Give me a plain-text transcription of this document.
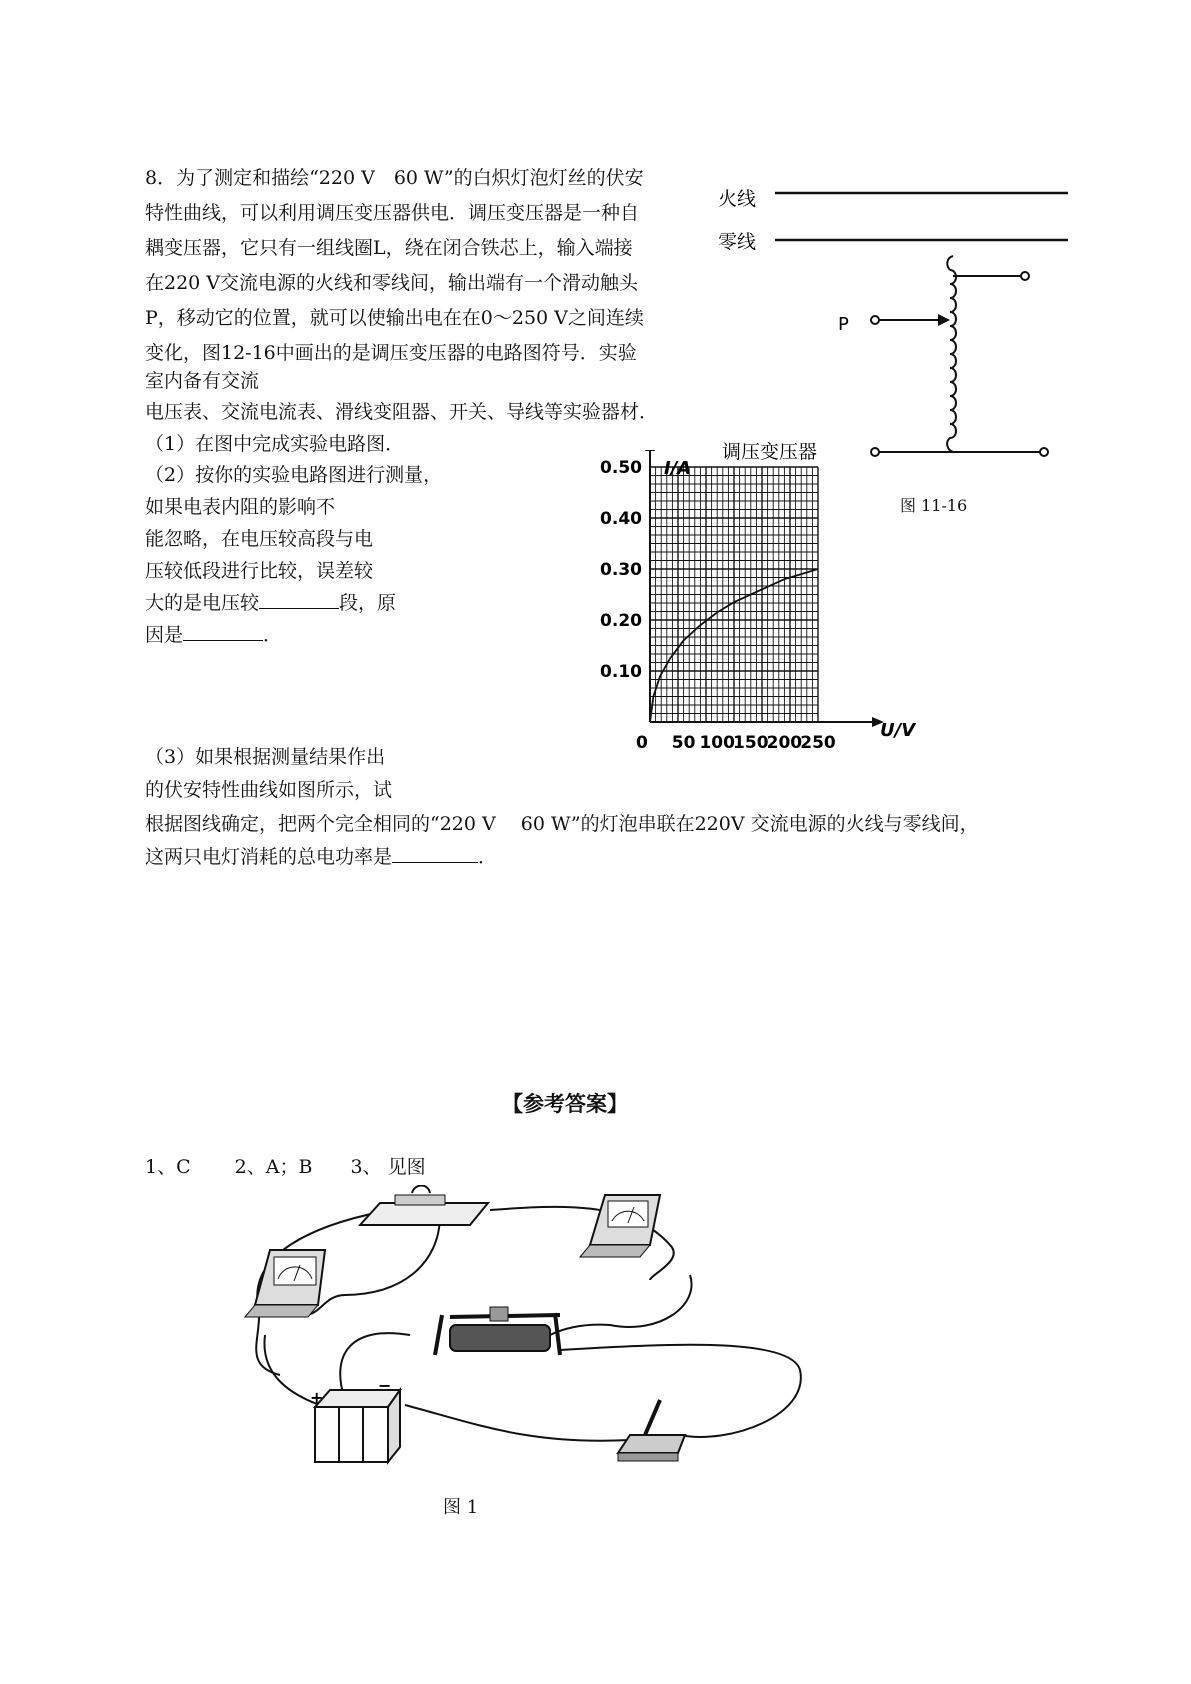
8．为了测定和描绘“220 V　60 W”的白炽灯泡灯丝的伏安
特性曲线，可以利用调压变压器供电．调压变压器是一种自
耦变压器，它只有一组线圈L，绕在闭合铁芯上，输入端接
在220 V交流电源的火线和零线间，输出端有一个滑动触头
P，移动它的位置，就可以使输出电在在0～250 V之间连续
变化，图12-16中画出的是调压变压器的电路图符号．实验
室内备有交流
电压表、交流电流表、滑线变阻器、开关、导线等实验器材．
（1）在图中完成实验电路图．
（2）按你的实验电路图进行测量，
如果电表内阻的影响不
能忽略，在电压较高段与电
压较低段进行比较，误差较
大的是电压较	段，原
因是	．
（3）如果根据测量结果作出
的伏安特性曲线如图所示，试
根据图线确定，把两个完全相同的“220 V　 60 W”的灯泡串联在220V 交流电源的火线与零线间，
这两只电灯消耗的总电功率是	．
火线
零线
P
调压变压器
0.10
0.20
0.30
0.40
0.50
0 50 100
150
200
250
I/A
U/V
图 11-16
【参考答案】
1、C　　 2、A；B　　3、 见图
+
−
图 1
